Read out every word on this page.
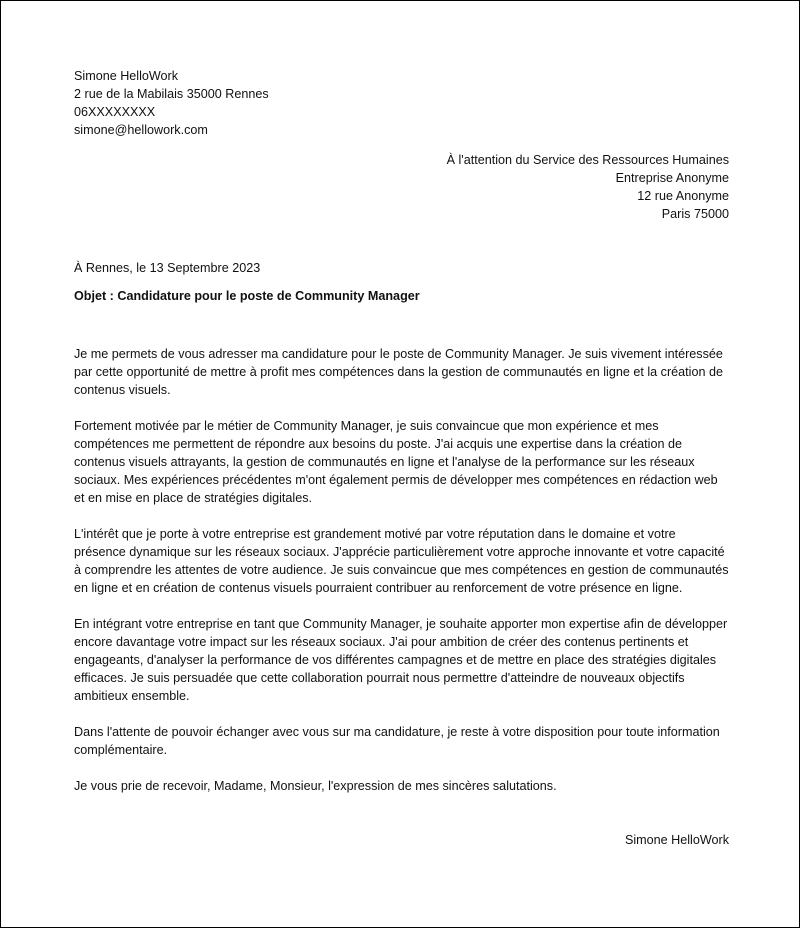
Simone HelloWork

2 rue de la Mabilais 35000 Rennes

06XXXXXXXX

simone@hellowork.com

À l'attention du Service des Ressources Humaines

Entreprise Anonyme

12 rue Anonyme

Paris 75000

À Rennes, le 13 Septembre 2023
Objet : Candidature pour le poste de Community Manager

Je me permets de vous adresser ma candidature pour le poste de Community Manager. Je suis vivement intéressée par cette opportunité de mettre à profit mes compétences dans la gestion de communautés en ligne et la création de contenus visuels.

Fortement motivée par le métier de Community Manager, je suis convaincue que mon expérience et mes compétences me permettent de répondre aux besoins du poste. J'ai acquis une expertise dans la création de contenus visuels attrayants, la gestion de communautés en ligne et l'analyse de la performance sur les réseaux sociaux. Mes expériences précédentes m'ont également permis de développer mes compétences en rédaction web et en mise en place de stratégies digitales.

L'intérêt que je porte à votre entreprise est grandement motivé par votre réputation dans le domaine et votre présence dynamique sur les réseaux sociaux. J'apprécie particulièrement votre approche innovante et votre capacité à comprendre les attentes de votre audience. Je suis convaincue que mes compétences en gestion de communautés en ligne et en création de contenus visuels pourraient contribuer au renforcement de votre présence en ligne.

En intégrant votre entreprise en tant que Community Manager, je souhaite apporter mon expertise afin de développer encore davantage votre impact sur les réseaux sociaux. J'ai pour ambition de créer des contenus pertinents et engageants, d'analyser la performance de vos différentes campagnes et de mettre en place des stratégies digitales efficaces. Je suis persuadée que cette collaboration pourrait nous permettre d'atteindre de nouveaux objectifs ambitieux ensemble.

Dans l'attente de pouvoir échanger avec vous sur ma candidature, je reste à votre disposition pour toute information complémentaire.

Je vous prie de recevoir, Madame, Monsieur, l'expression de mes sincères salutations.

Simone HelloWork
